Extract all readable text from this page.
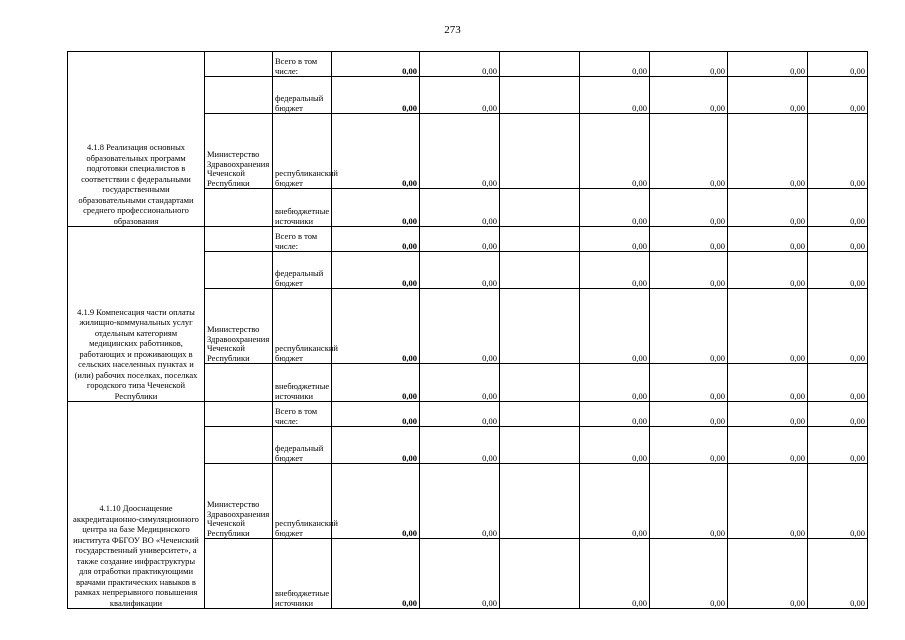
273
4.1.8 Реализация основных образовательных программ подготовки специалистов в соответствии с федеральными государственными образовательными стандартами среднего профессионального образования		Всего в том числе:	0,00	0,00		0,00	0,00	0,00	0,00
		федеральный бюджет	0,00	0,00		0,00	0,00	0,00	0,00
	Министерство Здравоохранения Чеченской Республики	республиканский бюджет	0,00	0,00		0,00	0,00	0,00	0,00
		внебюджетные источники	0,00	0,00		0,00	0,00	0,00	0,00
4.1.9 Компенсация части оплаты жилищно-коммунальных услуг отдельным категориям медицинских работников, работающих и проживающих в сельских населенных пунктах и (или) рабочих поселках, поселках городского типа Чеченской Республики		Всего в том числе:	0,00	0,00		0,00	0,00	0,00	0,00
		федеральный бюджет	0,00	0,00		0,00	0,00	0,00	0,00
	Министерство Здравоохранения Чеченской Республики	республиканский бюджет	0,00	0,00		0,00	0,00	0,00	0,00
		внебюджетные источники	0,00	0,00		0,00	0,00	0,00	0,00
4.1.10 Дооснащение аккредитационно-симуляционного центра на базе Медицинского института ФБГОУ ВО «Чеченский государственный университет», а также создание инфраструктуры для отработки практикующими врачами практических навыков в рамках непрерывного повышения квалификации		Всего в том числе:	0,00	0,00		0,00	0,00	0,00	0,00
		федеральный бюджет	0,00	0,00		0,00	0,00	0,00	0,00
	Министерство Здравоохранения Чеченской Республики	республиканский бюджет	0,00	0,00		0,00	0,00	0,00	0,00
		внебюджетные источники	0,00	0,00		0,00	0,00	0,00	0,00
